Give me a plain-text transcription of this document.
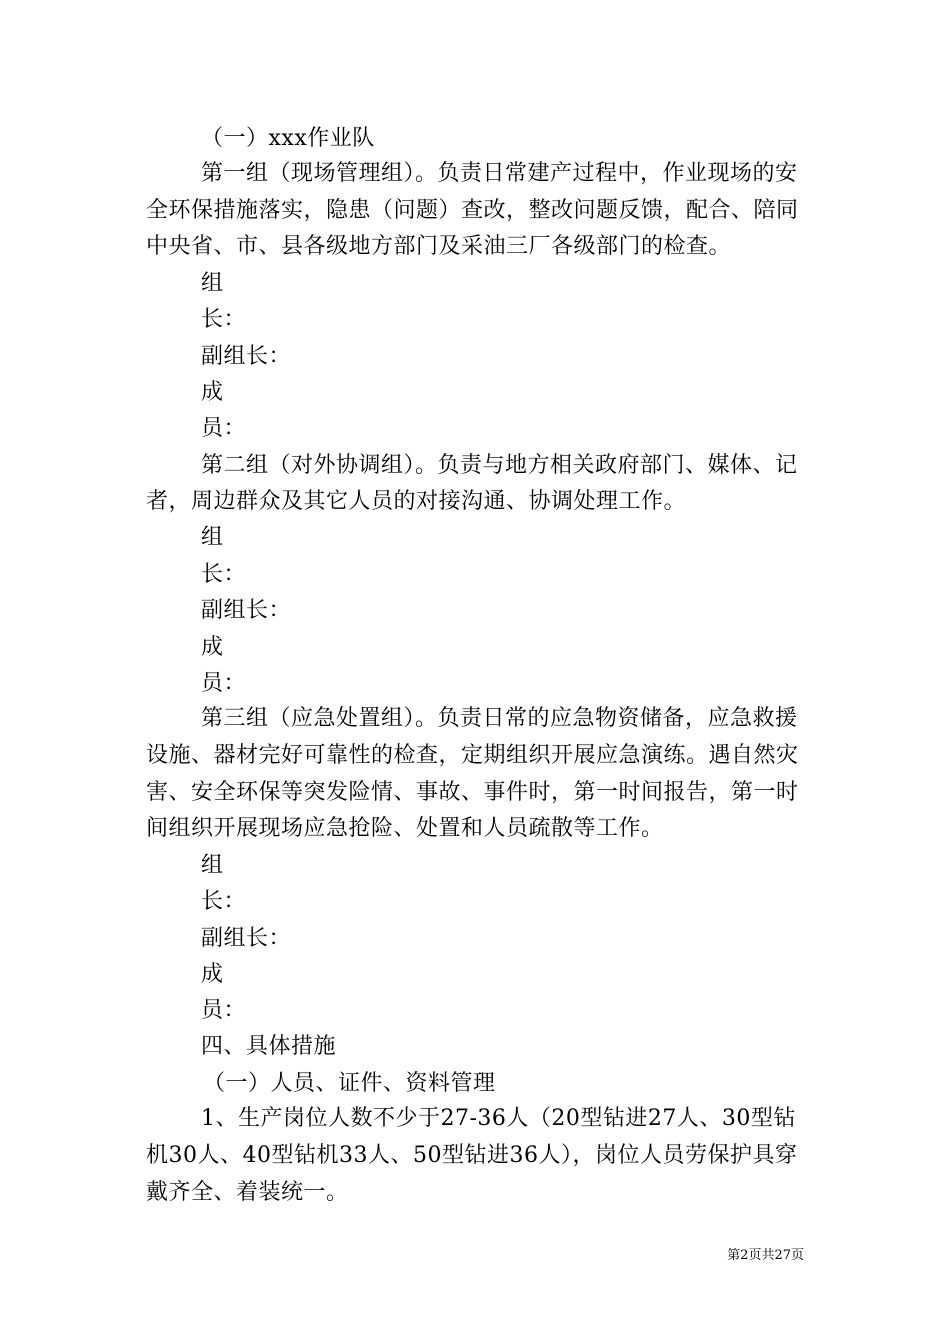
（一）xxx作业队
第一组（现场管理组）。负责日常建产过程中，作业现场的安
全环保措施落实，隐患（问题）查改，整改问题反馈，配合、陪同
中央省、市、县各级地方部门及采油三厂各级部门的检查。
组
长：
副组长：
成
员：
第二组（对外协调组）。负责与地方相关政府部门、媒体、记
者，周边群众及其它人员的对接沟通、协调处理工作。
组
长：
副组长：
成
员：
第三组（应急处置组）。负责日常的应急物资储备，应急救援
设施、器材完好可靠性的检查，定期组织开展应急演练。遇自然灾
害、安全环保等突发险情、事故、事件时，第一时间报告，第一时
间组织开展现场应急抢险、处置和人员疏散等工作。
组
长：
副组长：
成
员：
四、具体措施
（一）人员、证件、资料管理
1、生产岗位人数不少于27-36人（20型钻进27人、30型钻
机30人、40型钻机33人、50型钻进36人），岗位人员劳保护具穿
戴齐全、着装统一。
第2页共27页
